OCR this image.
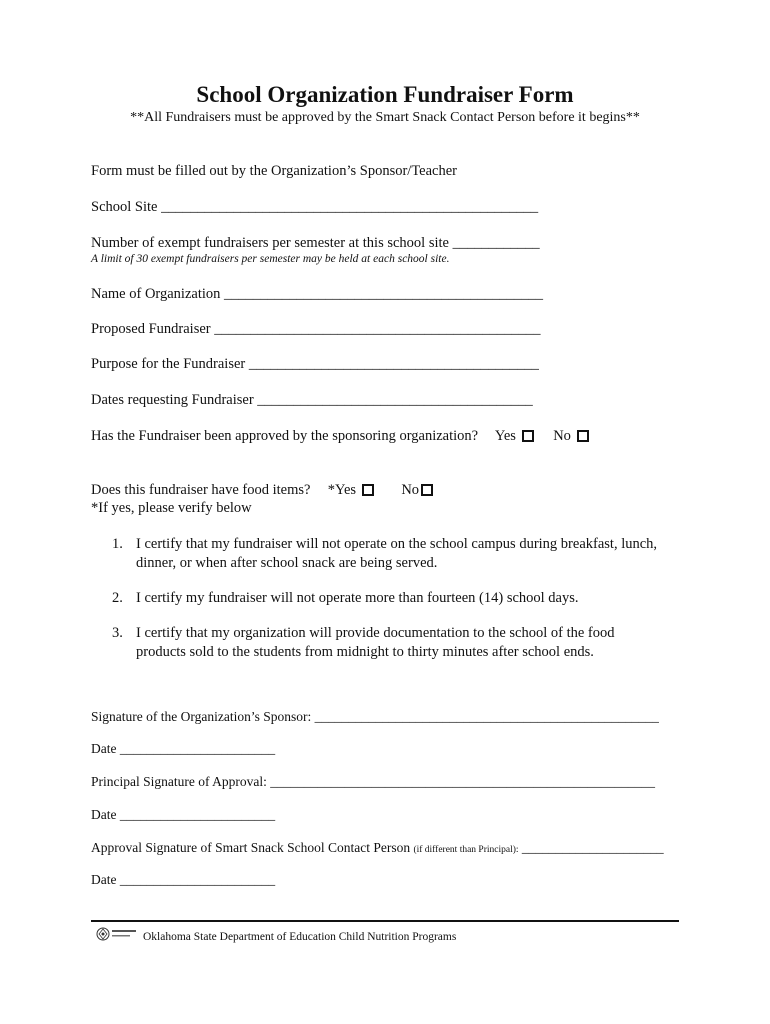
School Organization Fundraiser Form
**All Fundraisers must be approved by the Smart Snack Contact Person before it begins**
Form must be filled out by the Organization’s Sponsor/Teacher
School Site ____________________________________________________
Number of exempt fundraisers per semester at this school site ____________
A limit of 30 exempt fundraisers per semester may be held at each school site.
Name of Organization ____________________________________________
Proposed Fundraiser _____________________________________________
Purpose for the Fundraiser ________________________________________
Dates requesting Fundraiser ______________________________________
Has the Fundraiser been approved by the sponsoring organization? Yes	No
Does this fundraiser have food items? *Yes	No
*If yes, please verify below
1. I certify that my fundraiser will not operate on the school campus during breakfast, lunch, dinner, or when after school snack are being served.
2. I certify my fundraiser will not operate more than fourteen (14) school days.
3. I certify that my organization will provide documentation to the school of the food products sold to the students from midnight to thirty minutes after school ends.
Signature of the Organization’s Sponsor: ___________________________________________________
Date _______________________
Principal Signature of Approval: _________________________________________________________
Date _______________________
Approval Signature of Smart Snack School Contact Person (if different than Principal): _____________________
Date _______________________
Oklahoma State Department of Education Child Nutrition Programs
